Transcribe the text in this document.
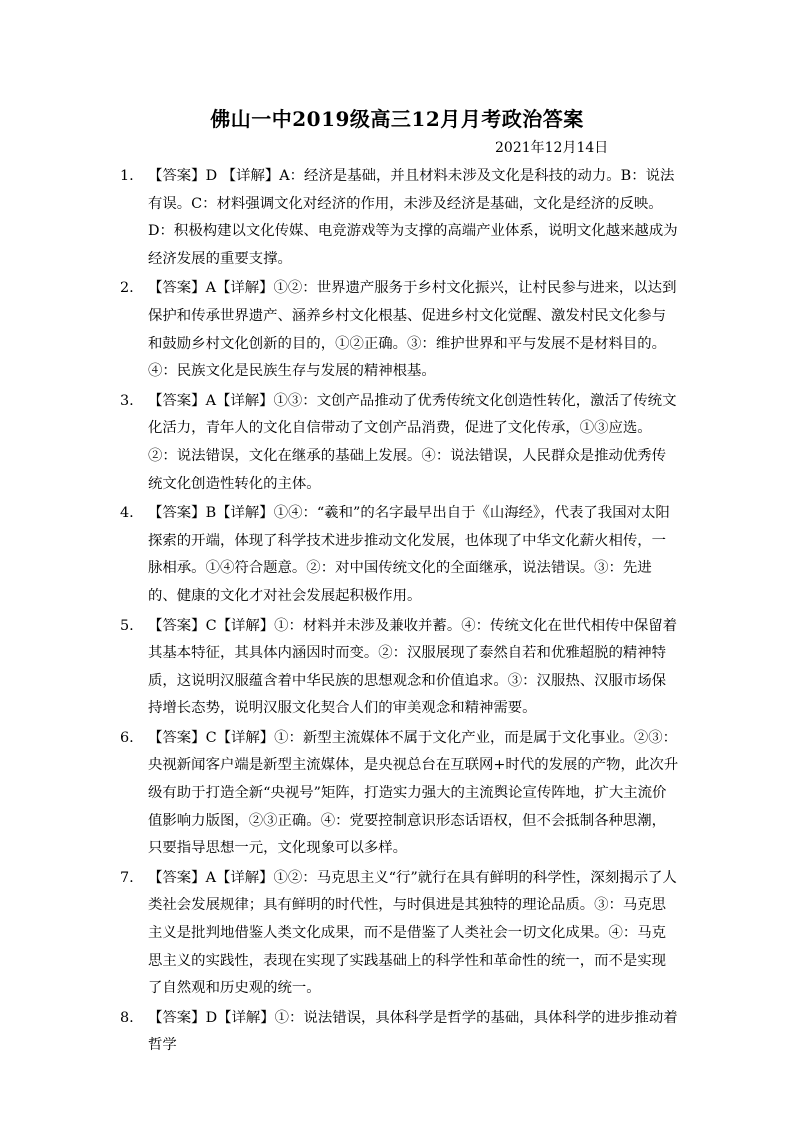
佛山一中2019级高三12月月考政治答案
2021年12月14日
1. 【答案】D 【详解】A：经济是基础，并且材料未涉及文化是科技的动力。B：说法有误。C：材料强调文化对经济的作用，未涉及经济是基础，文化是经济的反映。D：积极构建以文化传媒、电竞游戏等为支撑的高端产业体系，说明文化越来越成为经济发展的重要支撑。
2. 【答案】A【详解】①②：世界遗产服务于乡村文化振兴，让村民参与进来，以达到保护和传承世界遗产、涵养乡村文化根基、促进乡村文化觉醒、激发村民文化参与和鼓励乡村文化创新的目的，①②正确。③：维护世界和平与发展不是材料目的。④：民族文化是民族生存与发展的精神根基。
3. 【答案】A【详解】①③：文创产品推动了优秀传统文化创造性转化，激活了传统文化活力，青年人的文化自信带动了文创产品消费，促进了文化传承，①③应选。②：说法错误，文化在继承的基础上发展。④：说法错误，人民群众是推动优秀传统文化创造性转化的主体。
4. 【答案】B【详解】①④：“羲和”的名字最早出自于《山海经》，代表了我国对太阳探索的开端，体现了科学技术进步推动文化发展，也体现了中华文化薪火相传，一脉相承。①④符合题意。②：对中国传统文化的全面继承，说法错误。③：先进的、健康的文化才对社会发展起积极作用。
5. 【答案】C【详解】①：材料并未涉及兼收并蓄。④：传统文化在世代相传中保留着其基本特征，其具体内涵因时而变。②：汉服展现了泰然自若和优雅超脱的精神特质，这说明汉服蕴含着中华民族的思想观念和价值追求。③：汉服热、汉服市场保持增长态势，说明汉服文化契合人们的审美观念和精神需要。
6. 【答案】C【详解】①：新型主流媒体不属于文化产业，而是属于文化事业。②③：央视新闻客户端是新型主流媒体，是央视总台在互联网+时代的发展的产物，此次升级有助于打造全新“央视号”矩阵，打造实力强大的主流舆论宣传阵地，扩大主流价值影响力版图，②③正确。④：党要控制意识形态话语权，但不会抵制各种思潮，只要指导思想一元，文化现象可以多样。
7. 【答案】A【详解】①②：马克思主义“行”就行在具有鲜明的科学性，深刻揭示了人类社会发展规律；具有鲜明的时代性，与时俱进是其独特的理论品质。③：马克思主义是批判地借鉴人类文化成果，而不是借鉴了人类社会一切文化成果。④：马克思主义的实践性，表现在实现了实践基础上的科学性和革命性的统一，而不是实现了自然观和历史观的统一。
8. 【答案】D【详解】①：说法错误，具体科学是哲学的基础，具体科学的进步推动着哲学
